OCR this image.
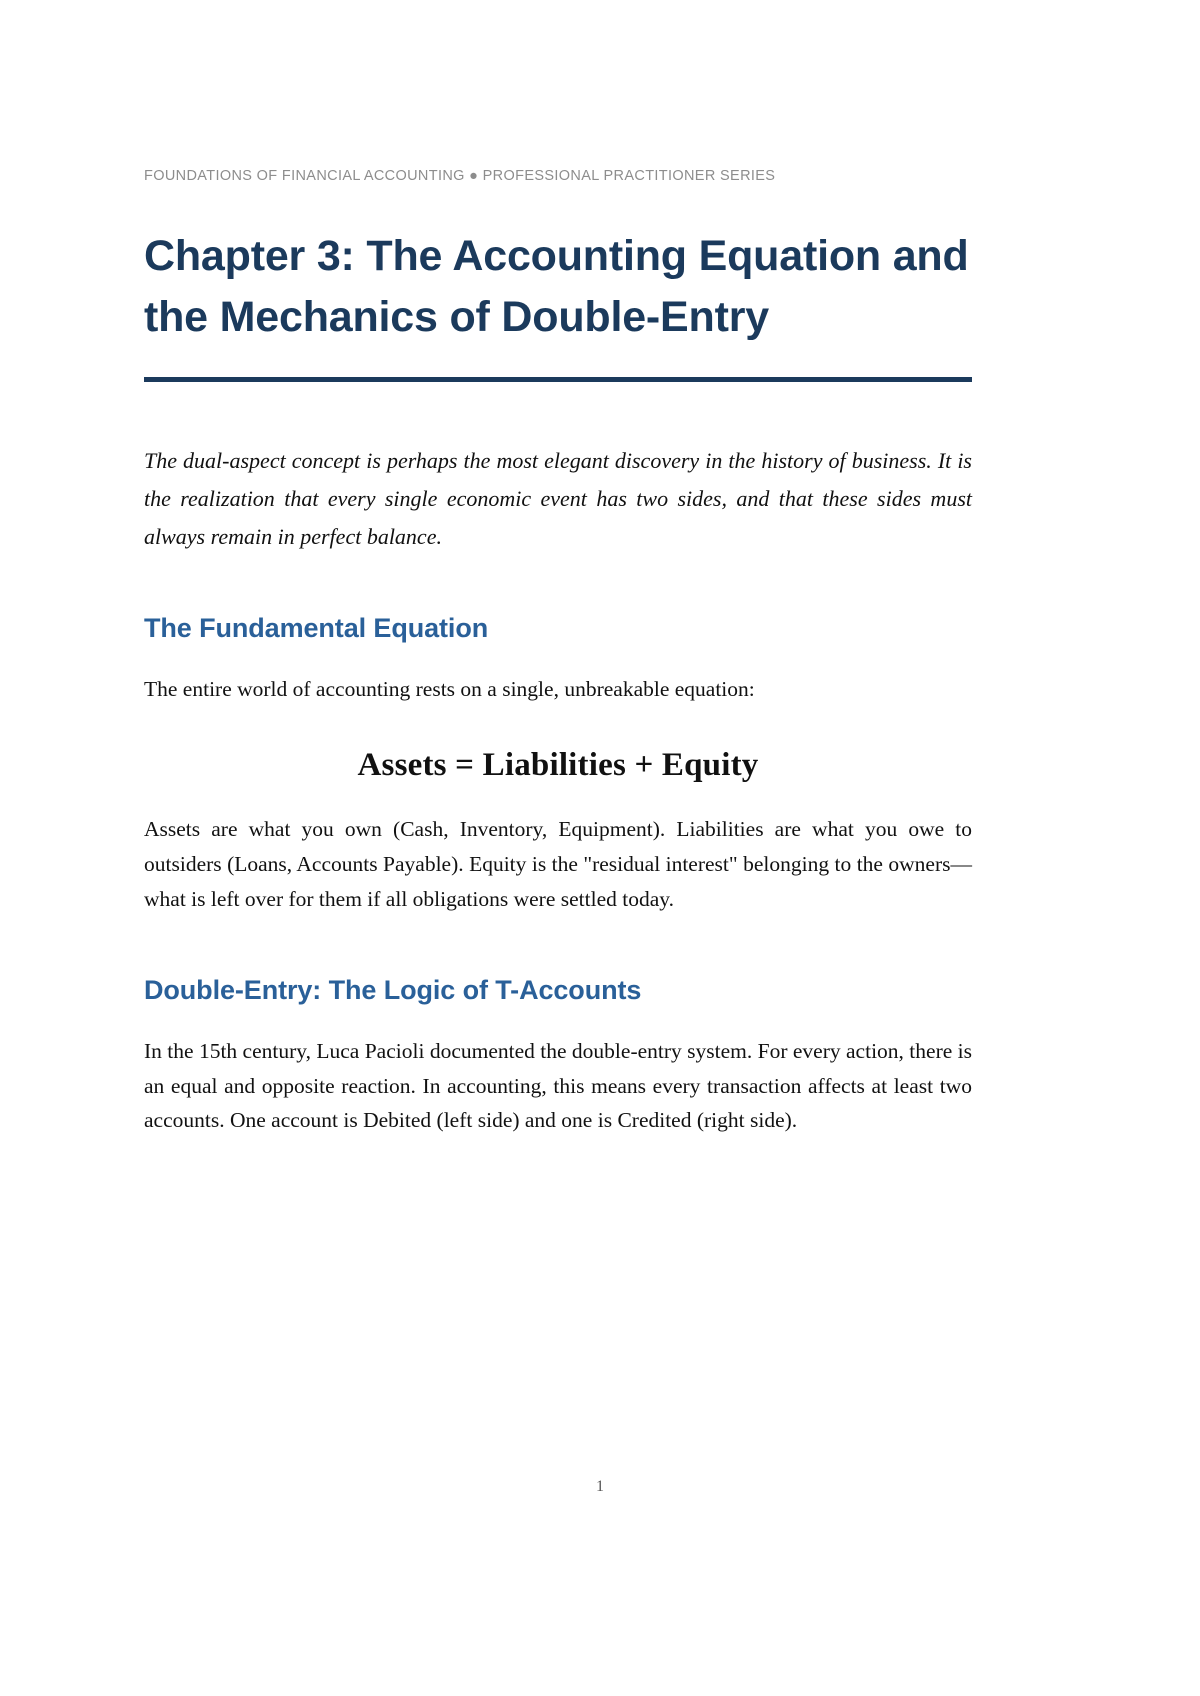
FOUNDATIONS OF FINANCIAL ACCOUNTING ● PROFESSIONAL PRACTITIONER SERIES
Chapter 3: The Accounting Equation and the Mechanics of Double-Entry
The dual-aspect concept is perhaps the most elegant discovery in the history of business. It is the realization that every single economic event has two sides, and that these sides must always remain in perfect balance.
The Fundamental Equation

The entire world of accounting rests on a single, unbreakable equation:

Assets = Liabilities + Equity

Assets are what you own (Cash, Inventory, Equipment). Liabilities are what you owe to outsiders (Loans, Accounts Payable). Equity is the "residual interest" belonging to the owners—what is left over for them if all obligations were settled today.

Double-Entry: The Logic of T-Accounts

In the 15th century, Luca Pacioli documented the double-entry system. For every action, there is an equal and opposite reaction. In accounting, this means every transaction affects at least two accounts. One account is Debited (left side) and one is Credited (right side).

1
